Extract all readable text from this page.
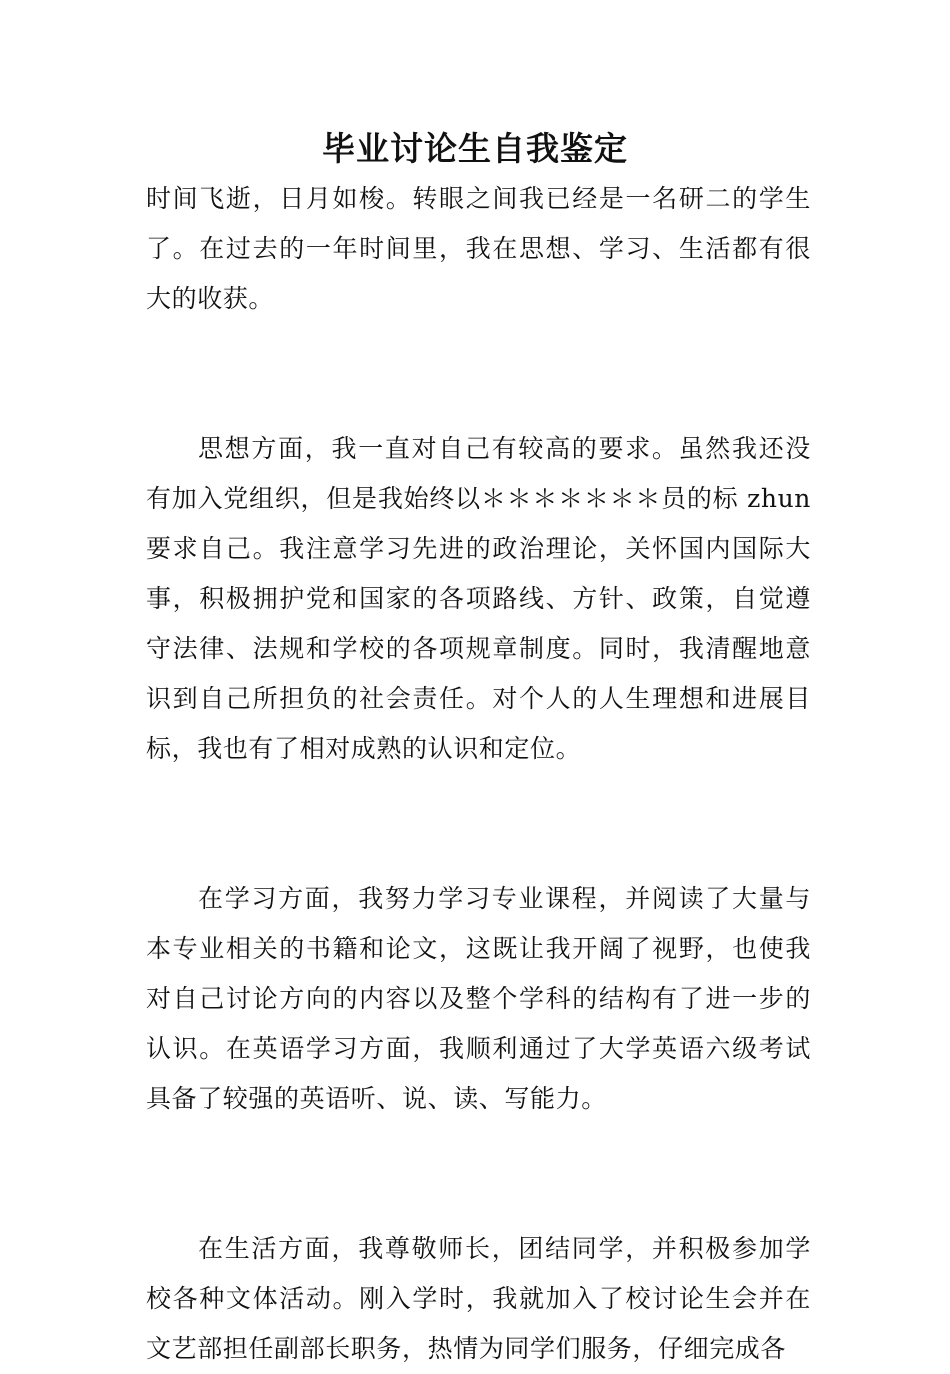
毕业讨论生自我鉴定

时间飞逝，日月如梭。转眼之间我已经是一名研二的学生了。在过去的一年时间里，我在思想、学习、生活都有很大的收获。

思想方面，我一直对自己有较高的要求。虽然我还没有加入党组织，但是我始终以＊＊＊＊＊＊＊员的标 zhun 要求自己。我注意学习先进的政治理论，关怀国内国际大事，积极拥护党和国家的各项路线、方针、政策，自觉遵守法律、法规和学校的各项规章制度。同时，我清醒地意识到自己所担负的社会责任。对个人的人生理想和进展目标，我也有了相对成熟的认识和定位。

在学习方面，我努力学习专业课程，并阅读了大量与本专业相关的书籍和论文，这既让我开阔了视野，也使我对自己讨论方向的内容以及整个学科的结构有了进一步的认识。在英语学习方面，我顺利通过了大学英语六级考试具备了较强的英语听、说、读、写能力。

在生活方面，我尊敬师长，团结同学，并积极参加学校各种文体活动。刚入学时，我就加入了校讨论生会并在文艺部担任副部长职务，热情为同学们服务，仔细完成各
